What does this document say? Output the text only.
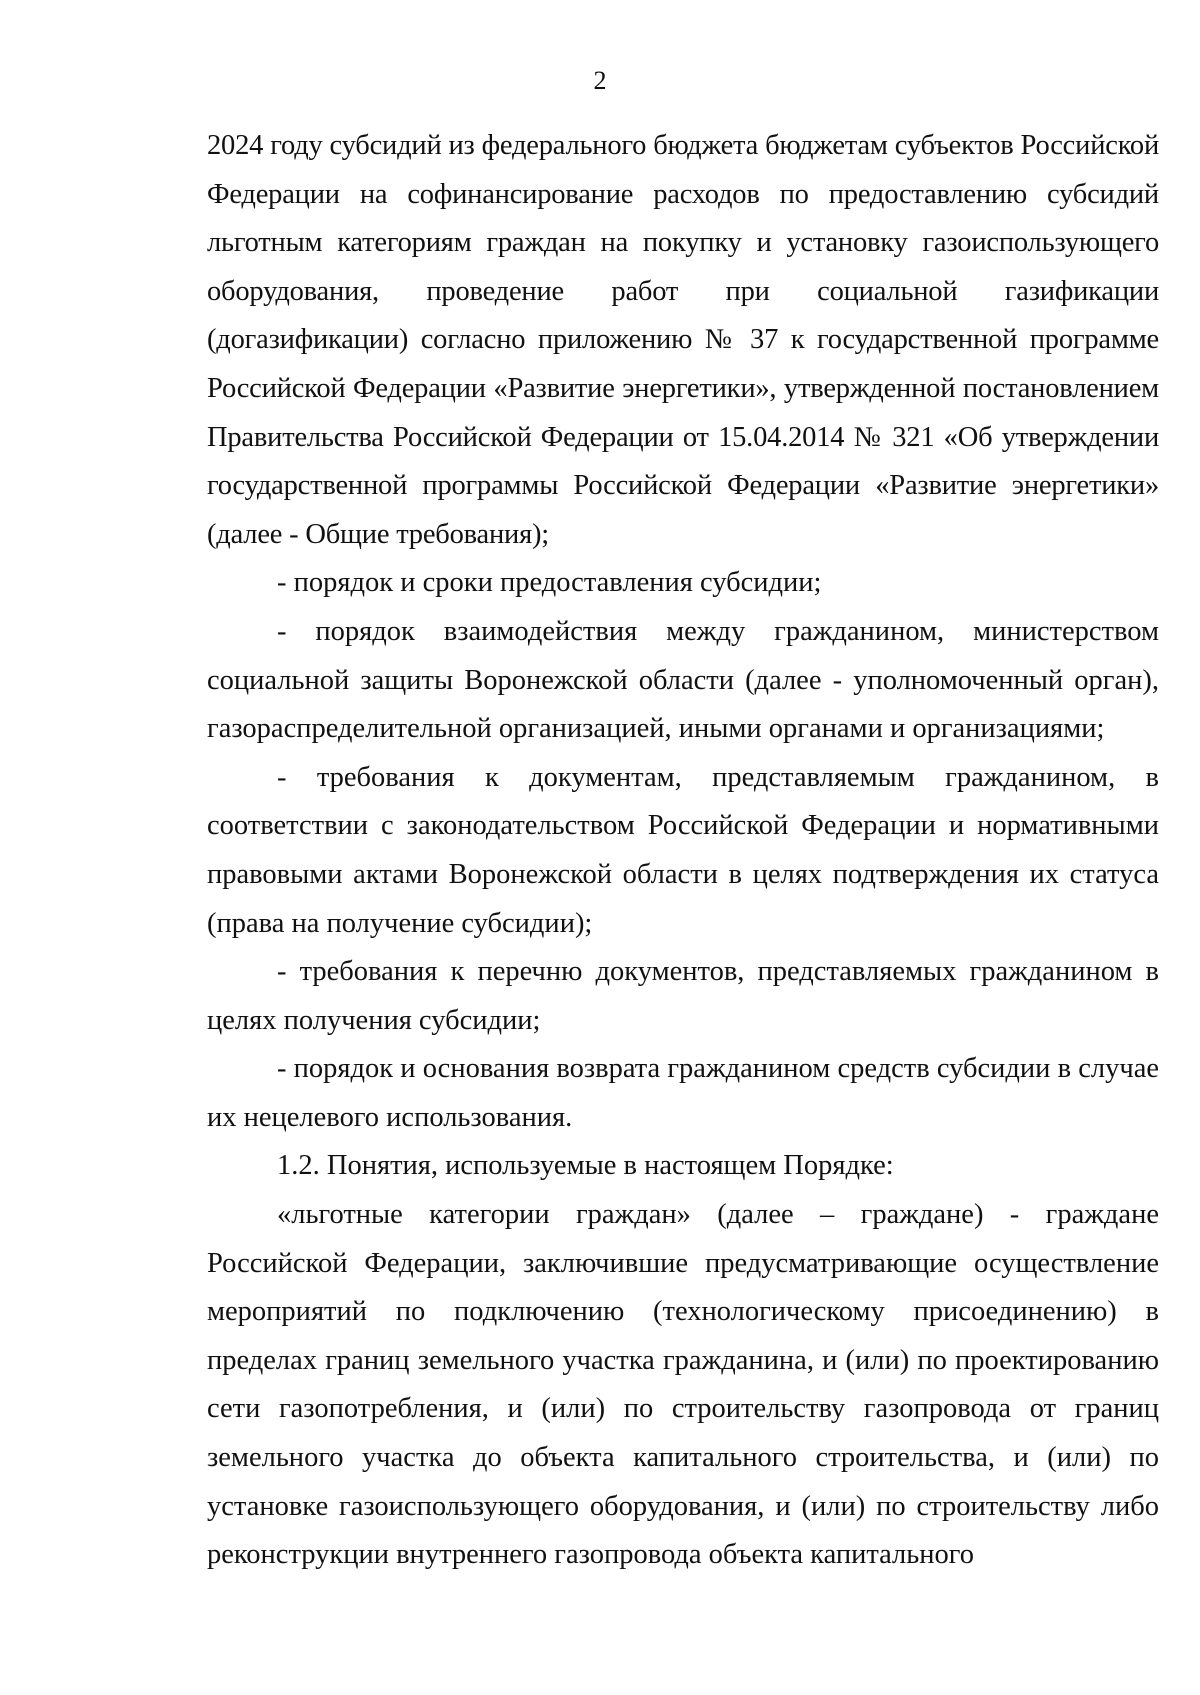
2

2024 году субсидий из федерального бюджета бюджетам субъектов Российской Федерации на софинансирование расходов по предоставлению субсидий льготным категориям граждан на покупку и установку газоиспользующего оборудования, проведение работ при социальной газификации (догазификации) согласно приложению № 37 к государственной программе Российской Федерации «Развитие энергетики», утвержденной постановлением Правительства Российской Федерации от 15.04.2014 № 321 «Об утверждении государственной программы Российской Федерации «Развитие энергетики» (далее - Общие требования);

- порядок и сроки предоставления субсидии;

- порядок взаимодействия между гражданином, министерством социальной защиты Воронежской области (далее - уполномоченный орган), газораспределительной организацией, иными органами и организациями;

- требования к документам, представляемым гражданином, в соответствии с законодательством Российской Федерации и нормативными правовыми актами Воронежской области в целях подтверждения их статуса (права на получение субсидии);

- требования к перечню документов, представляемых гражданином в целях получения субсидии;

- порядок и основания возврата гражданином средств субсидии в случае их нецелевого использования.

1.2. Понятия, используемые в настоящем Порядке:

«льготные категории граждан» (далее – граждане) - граждане Российской Федерации, заключившие предусматривающие осуществление мероприятий по подключению (технологическому присоединению) в пределах границ земельного участка гражданина, и (или) по проектированию сети газопотребления, и (или) по строительству газопровода от границ земельного участка до объекта капитального строительства, и (или) по установке газоиспользующего оборудования, и (или) по строительству либо реконструкции внутреннего газопровода объекта капитального
